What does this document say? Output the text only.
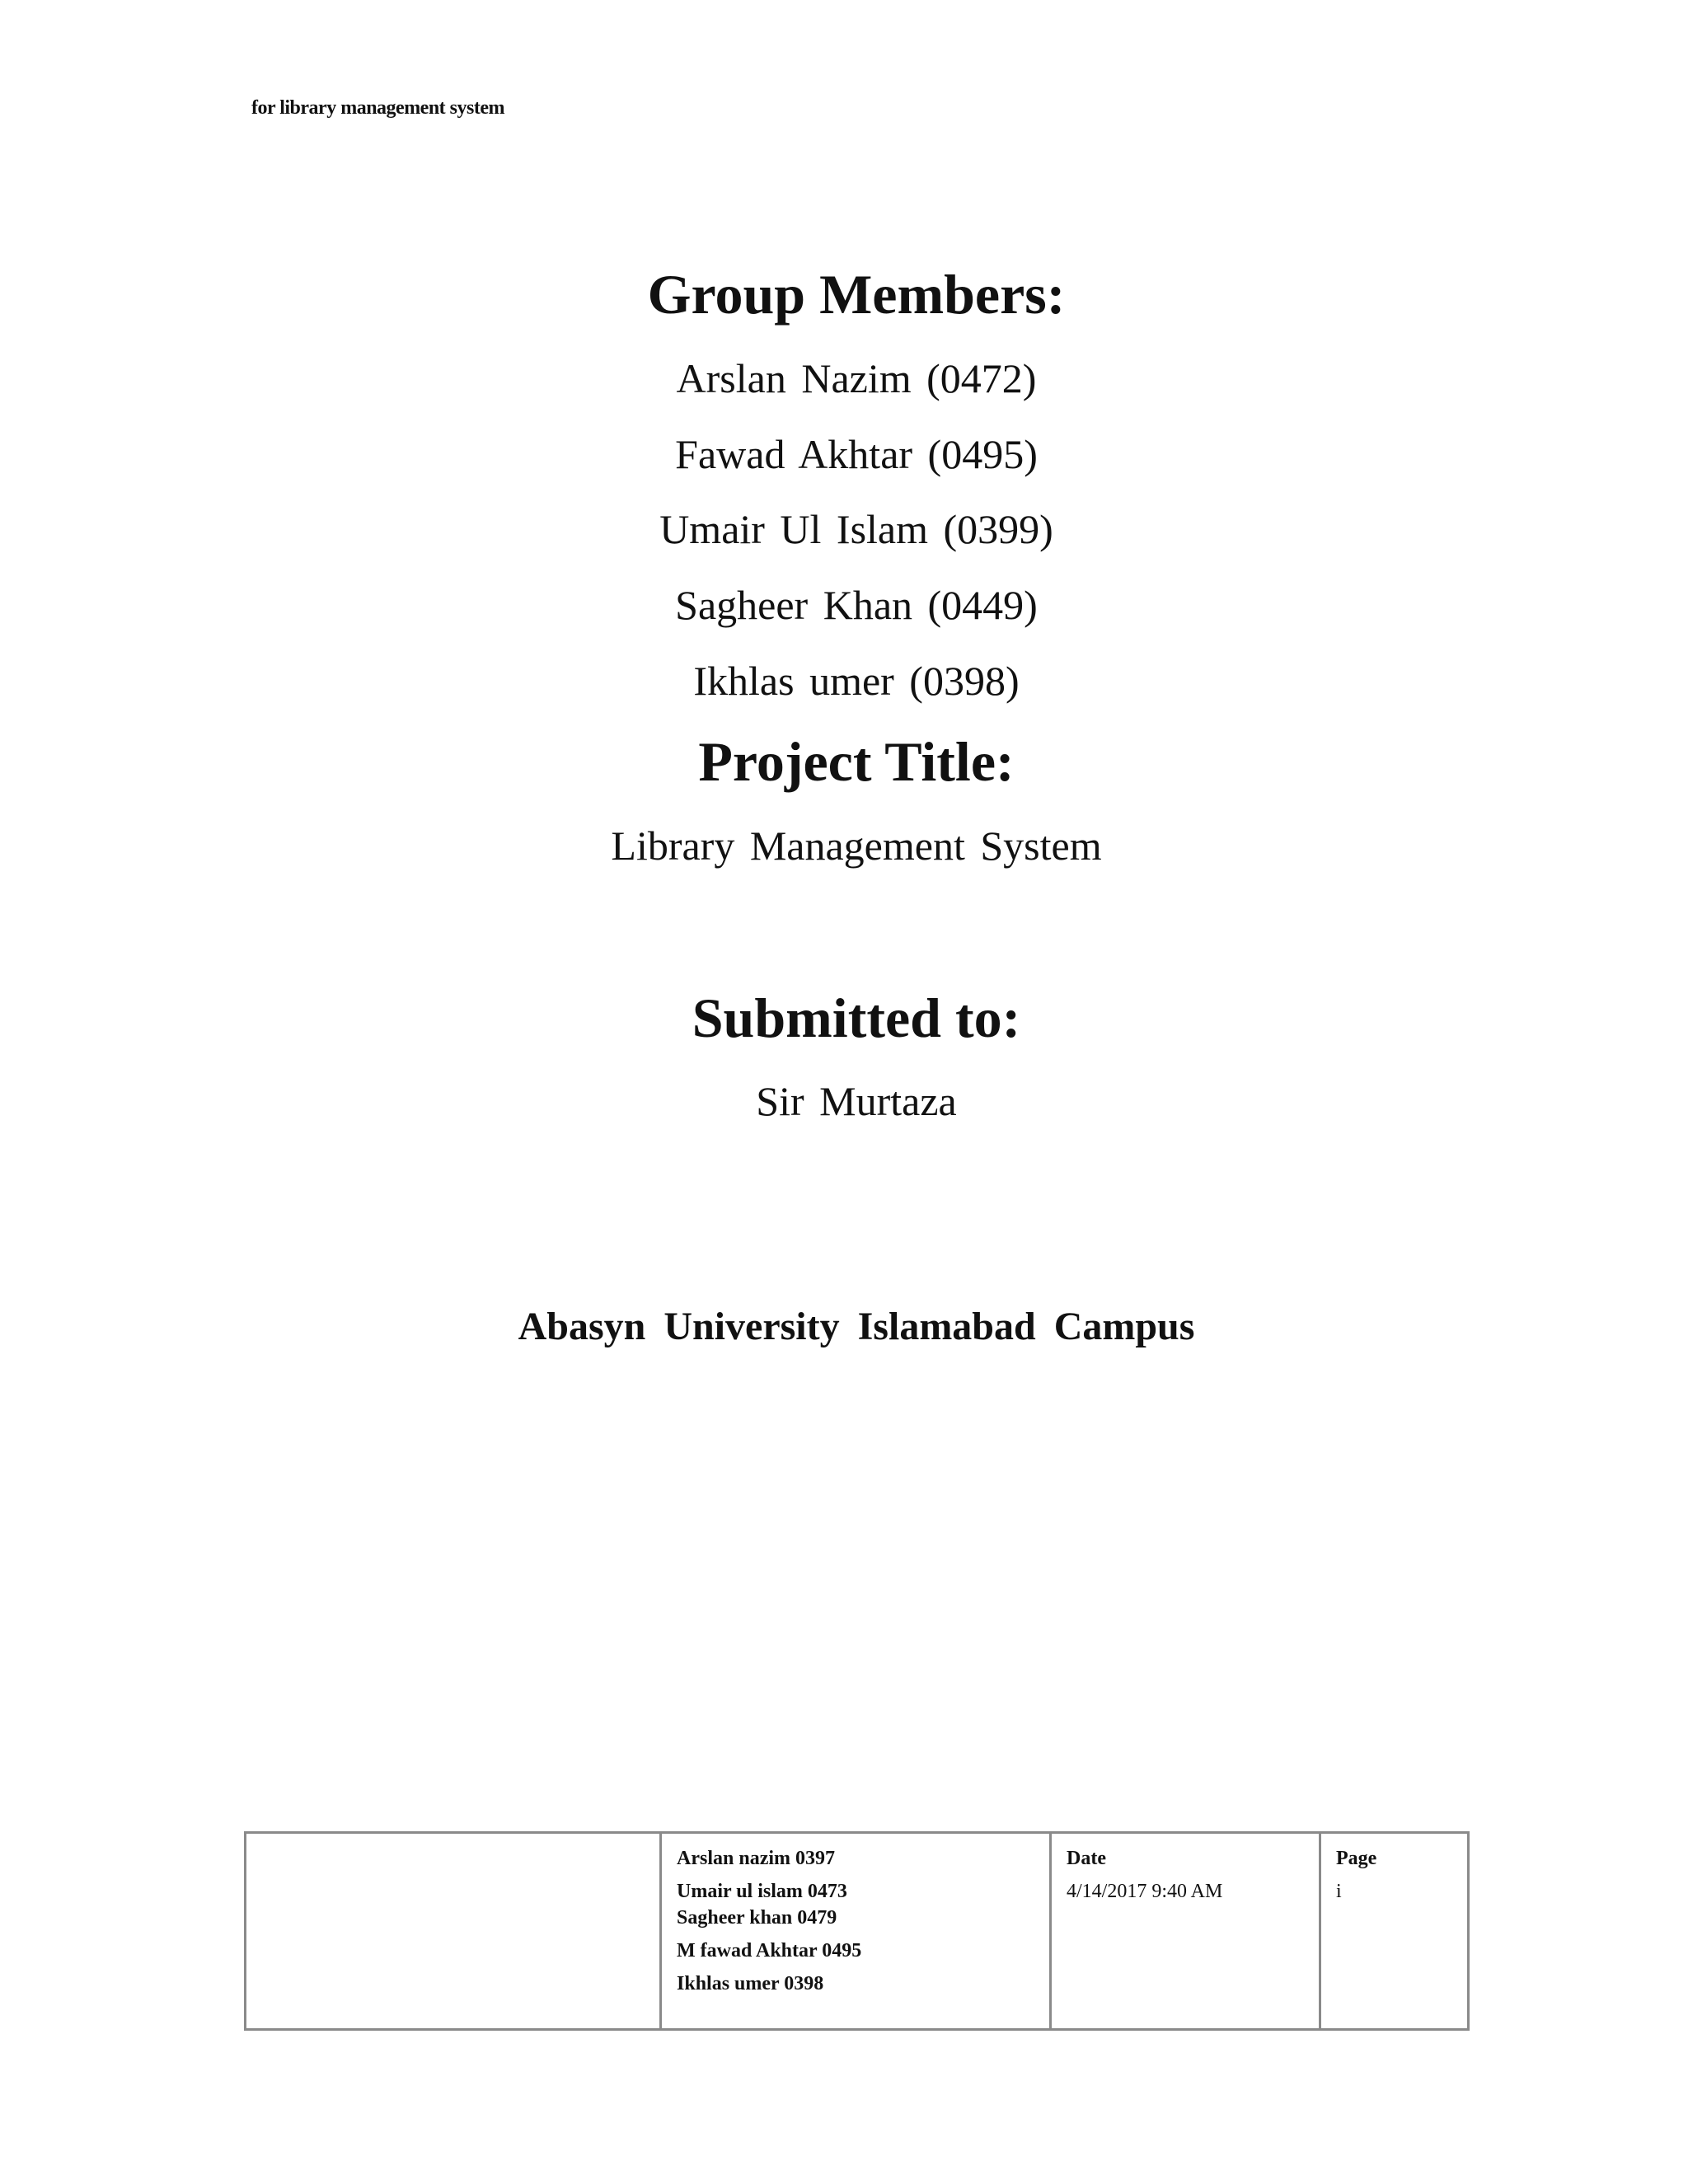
for library management system
Group Members:
Arslan Nazim (0472)
Fawad Akhtar (0495)
Umair Ul Islam (0399)
Sagheer Khan (0449)
Ikhlas umer (0398)
Project Title:
Library Management System
Submitted to:
Sir Murtaza
Abasyn University Islamabad Campus

Arslan nazim 0397
Umair ul islam 0473
Sagheer khan 0479
M fawad Akhtar 0495
Ikhlas umer 0398

Date
4/14/2017 9:40 AM

Page
i
